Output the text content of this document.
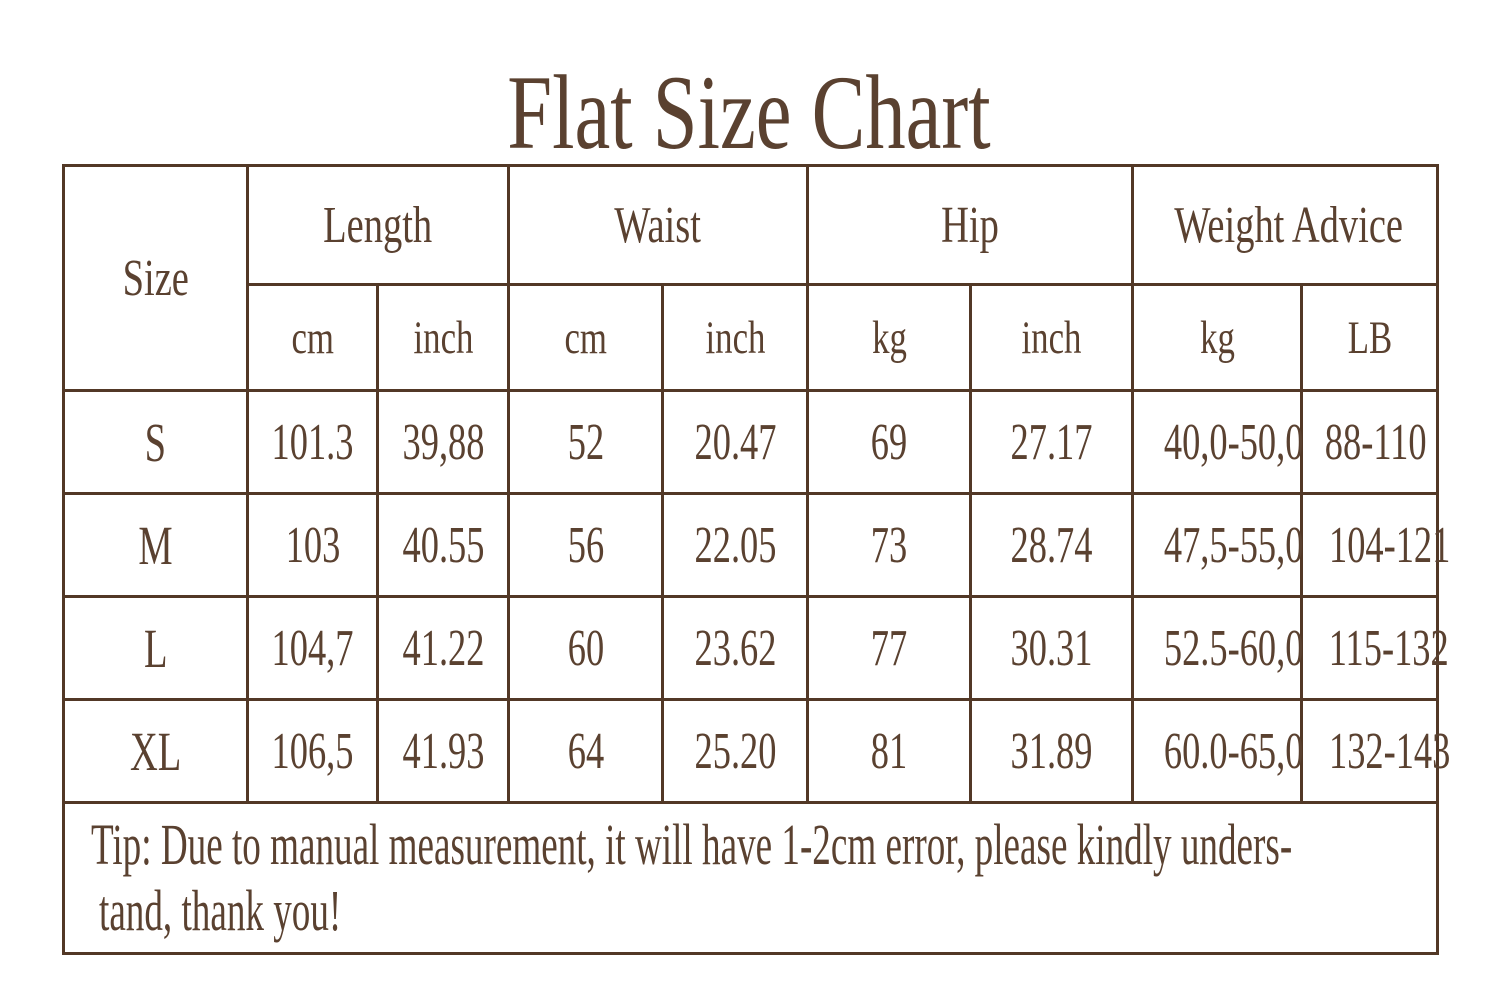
Flat Size Chart
Size	Length		Waist		Hip		Weight Advice	
	cm	inch	cm	inch	kg	inch	kg	LB
S	101.3	39,88	52	20.47	69	27.17	40,0-50,0	88-110
M	103	40.55	56	22.05	73	28.74	47,5-55,0	104-121
L	104,7	41.22	60	23.62	77	30.31	52.5-60,0	115-132
XL	106,5	41.93	64	25.20	81	31.89	60.0-65,0	132-143

Tip: Due to manual measurement, it will have 1-2cm error, please kindly unders-
tand, thank you!								
